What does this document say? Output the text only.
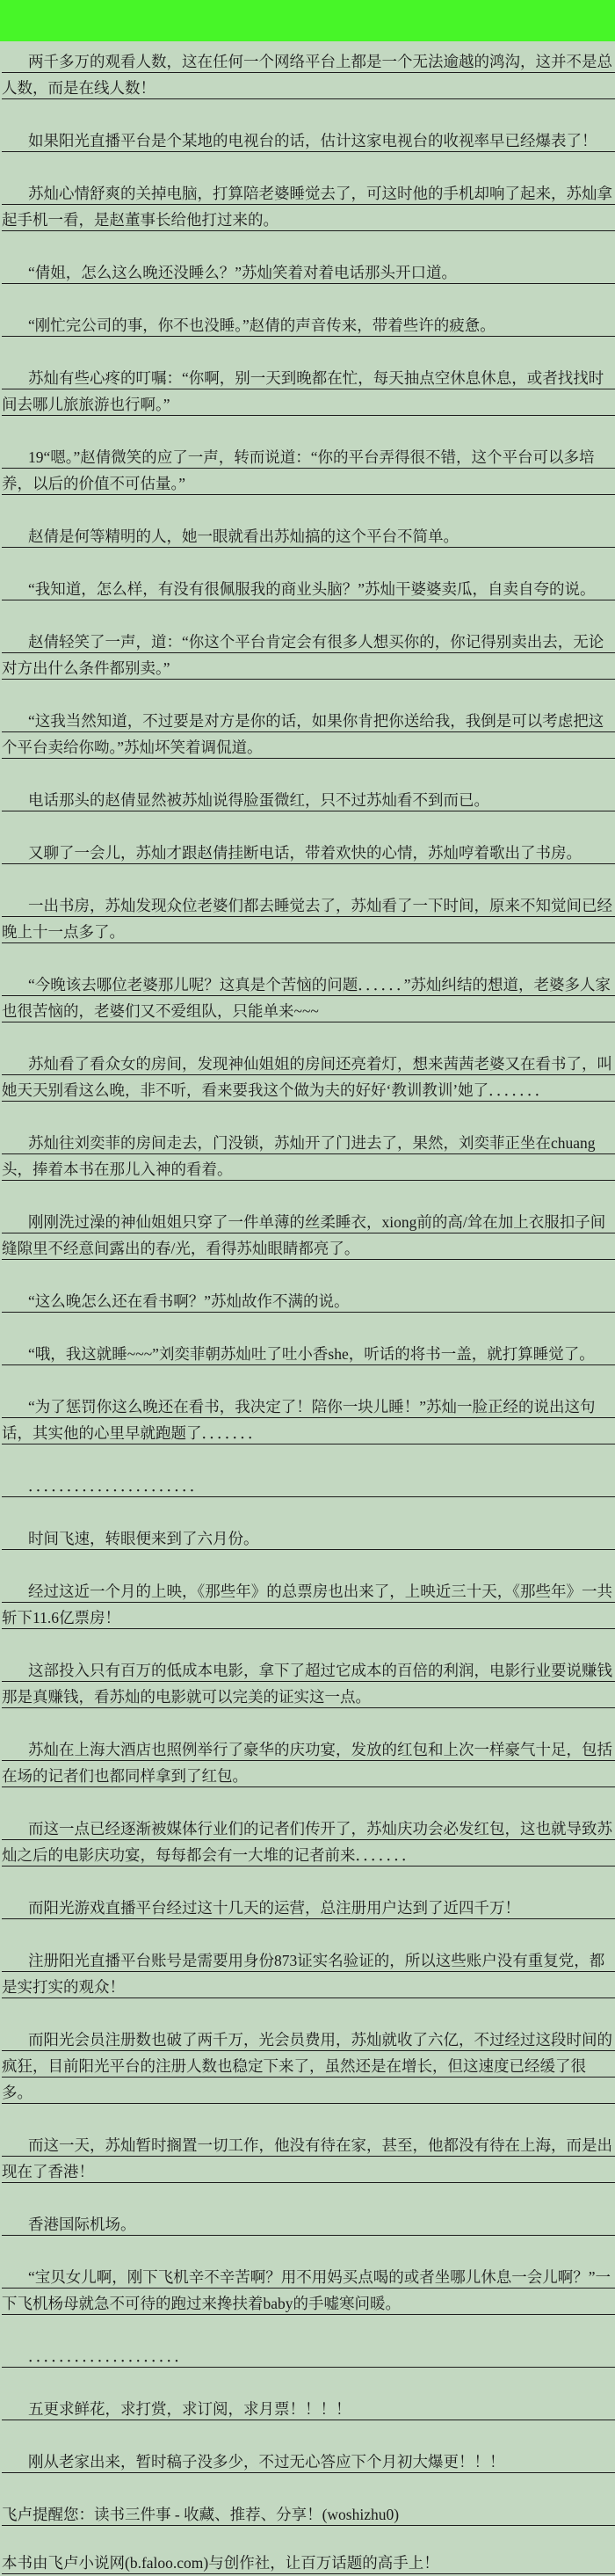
两千多万的观看人数，这在任何一个网络平台上都是一个无法逾越的鸿沟，这并不是总人数，而是在线人数！
如果阳光直播平台是个某地的电视台的话，估计这家电视台的收视率早已经爆表了！
苏灿心情舒爽的关掉电脑，打算陪老婆睡觉去了，可这时他的手机却响了起来，苏灿拿起手机一看，是赵董事长给他打过来的。
“倩姐，怎么这么晚还没睡么？”苏灿笑着对着电话那头开口道。
“刚忙完公司的事，你不也没睡。”赵倩的声音传来，带着些许的疲惫。
苏灿有些心疼的叮嘱：“你啊，别一天到晚都在忙，每天抽点空休息休息，或者找找时间去哪儿旅旅游也行啊。”
19“嗯。”赵倩微笑的应了一声，转而说道：“你的平台弄得很不错，这个平台可以多培养，以后的价值不可估量。”
赵倩是何等精明的人，她一眼就看出苏灿搞的这个平台不简单。
“我知道，怎么样，有没有很佩服我的商业头脑？”苏灿干婆婆卖瓜，自卖自夸的说。
赵倩轻笑了一声，道：“你这个平台肯定会有很多人想买你的，你记得别卖出去，无论对方出什么条件都别卖。”
“这我当然知道，不过要是对方是你的话，如果你肯把你送给我，我倒是可以考虑把这个平台卖给你呦。”苏灿坏笑着调侃道。
电话那头的赵倩显然被苏灿说得脸蛋微红，只不过苏灿看不到而已。
又聊了一会儿，苏灿才跟赵倩挂断电话，带着欢快的心情，苏灿哼着歌出了书房。
一出书房，苏灿发现众位老婆们都去睡觉去了，苏灿看了一下时间，原来不知觉间已经晚上十一点多了。
“今晚该去哪位老婆那儿呢？这真是个苦恼的问题．．．．．．”苏灿纠结的想道，老婆多人家也很苦恼的，老婆们又不爱组队，只能单来~~~
苏灿看了看众女的房间，发现神仙姐姐的房间还亮着灯，想来茜茜老婆又在看书了，叫她天天别看这么晚，非不听，看来要我这个做为夫的好好‘教训教训’她了．．．．．．．
苏灿往刘奕菲的房间走去，门没锁，苏灿开了门进去了，果然，刘奕菲正坐在chuang头，捧着本书在那儿入神的看着。
刚刚洗过澡的神仙姐姐只穿了一件单薄的丝柔睡衣，xiong前的高/耸在加上衣服扣子间缝隙里不经意间露出的春/光，看得苏灿眼睛都亮了。
“这么晚怎么还在看书啊？”苏灿故作不满的说。
“哦，我这就睡~~~”刘奕菲朝苏灿吐了吐小香she，听话的将书一盖，就打算睡觉了。
“为了惩罚你这么晚还在看书，我决定了！陪你一块儿睡！”苏灿一脸正经的说出这句话，其实他的心里早就跑题了．．．．．．．
．．．．．．．．．．．．．．．．．．．．．．
时间飞速，转眼便来到了六月份。
经过这近一个月的上映，《那些年》的总票房也出来了，上映近三十天，《那些年》一共斩下11.6亿票房！
这部投入只有百万的低成本电影，拿下了超过它成本的百倍的利润，电影行业要说赚钱那是真赚钱，看苏灿的电影就可以完美的证实这一点。
苏灿在上海大酒店也照例举行了豪华的庆功宴，发放的红包和上次一样豪气十足，包括在场的记者们也都同样拿到了红包。
而这一点已经逐渐被媒体行业们的记者们传开了，苏灿庆功会必发红包，这也就导致苏灿之后的电影庆功宴，每每都会有一大堆的记者前来．．．．．．．
而阳光游戏直播平台经过这十几天的运营，总注册用户达到了近四千万！
注册阳光直播平台账号是需要用身份873证实名验证的，所以这些账户没有重复党，都是实打实的观众！
而阳光会员注册数也破了两千万，光会员费用，苏灿就收了六亿，不过经过这段时间的疯狂，目前阳光平台的注册人数也稳定下来了，虽然还是在增长，但这速度已经缓了很多。
而这一天，苏灿暂时搁置一切工作，他没有待在家，甚至，他都没有待在上海，而是出现在了香港！
香港国际机场。
“宝贝女儿啊，刚下飞机辛不辛苦啊？用不用妈买点喝的或者坐哪儿休息一会儿啊？”一下飞机杨母就急不可待的跑过来搀扶着baby的手嘘寒问暖。
．．．．．．．．．．．．．．．．．．．．
五更求鲜花，求打赏，求订阅，求月票！！！！
刚从老家出来，暂时稿子没多少，不过无心答应下个月初大爆更！！！
飞卢提醒您：读书三件事 - 收藏、推荐、分享！(woshizhu0)
本书由飞卢小说网(b.faloo.com)与创作社，让百万话题的高手上！
